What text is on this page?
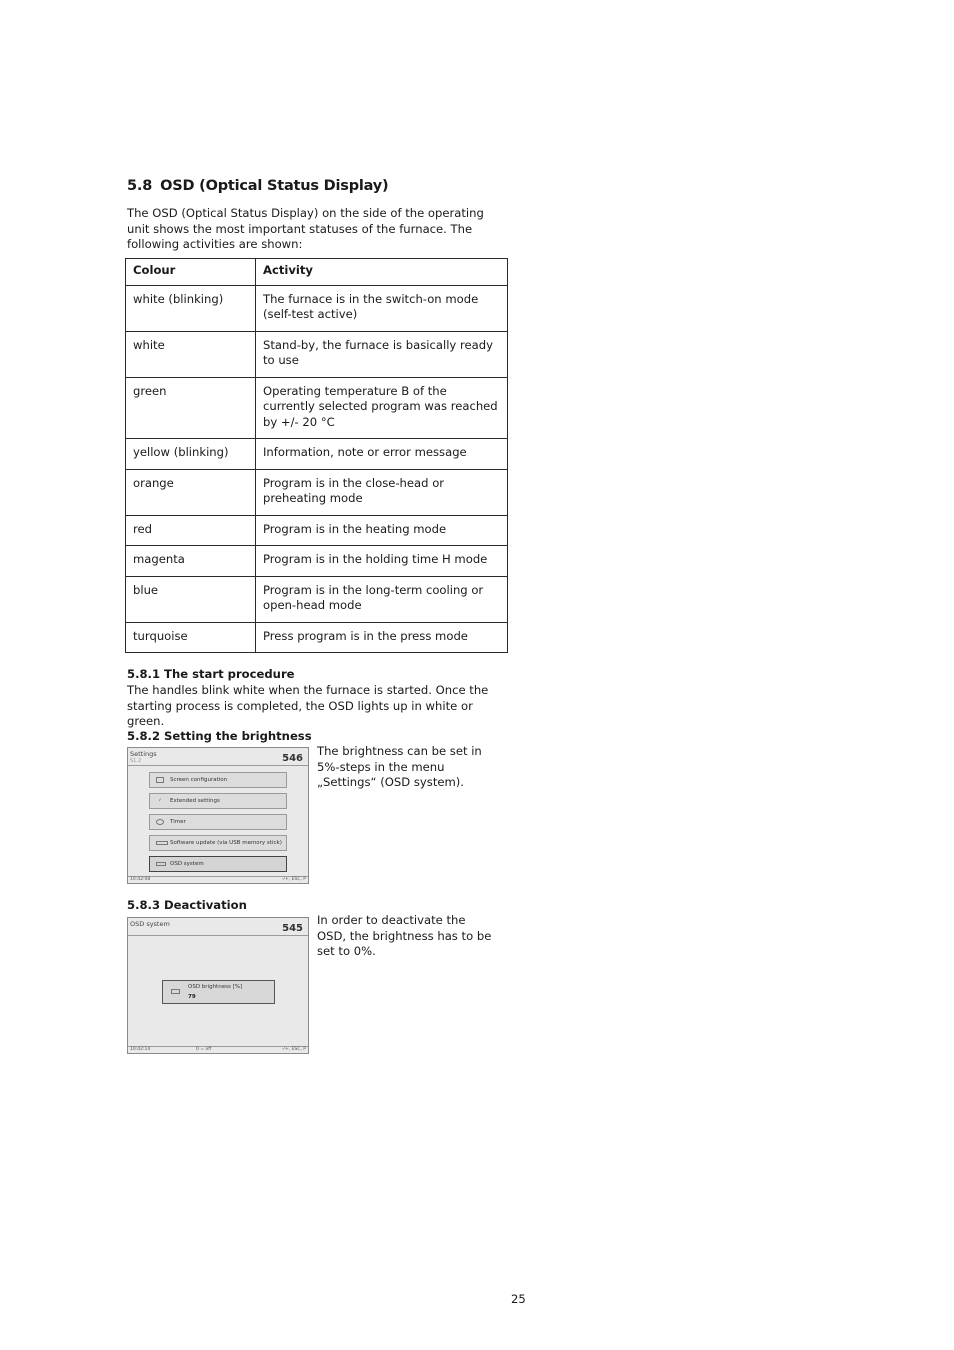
5.8 OSD (Optical Status Display)
The OSD (Optical Status Display) on the side of the operating unit shows the most important statuses of the furnace. The following activities are shown:
Colour	Activity
white (blinking)	The furnace is in the switch-on mode (self-test active)
white	Stand-by, the furnace is basically ready to use
green	Operating temperature B of the currently selected program was reached by +/- 20 °C
yellow (blinking)	Information, note or error message
orange	Program is in the close-head or preheating mode
red	Program is in the heating mode
magenta	Program is in the holding time H mode
blue	Program is in the long-term cooling or open-head mode
turquoise	Press program is in the press mode
5.8.1 The start procedure
The handles blink white when the furnace is started. Once the starting process is completed, the OSD lights up in white or green.
5.8.2 Setting the brightness
Settings
S1.2	546
Screen configuration
✓	Extended settings
Timer
Software update (via USB memory stick)
OSD system
10:42:08	-/+, ESC, P
The brightness can be set in 5%-steps in the menu „Settings“ (OSD system).
5.8.3 Deactivation
OSD system	545
OSD brightness [%]
79
10:42:14	0 = off	-/+, ESC, P
In order to deactivate the OSD, the brightness has to be set to 0%.
25
